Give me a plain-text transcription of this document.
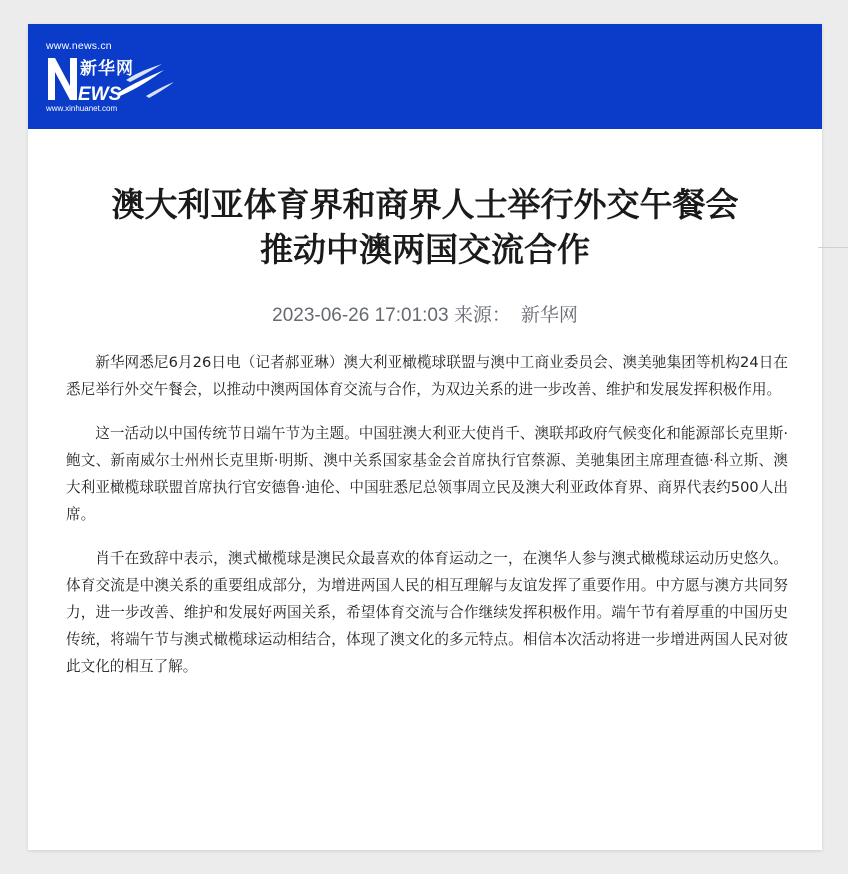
www.news.cn
EWS
新华网
www.xinhuanet.com
澳大利亚体育界和商界人士举行外交午餐会
推动中澳两国交流合作
2023-06-26 17:01:03 来源： 新华网

新华网悉尼6月26日电（记者郝亚琳）澳大利亚橄榄球联盟与澳中工商业委员会、澳美驰集团等机构24日在悉尼举行外交午餐会，以推动中澳两国体育交流与合作，为双边关系的进一步改善、维护和发展发挥积极作用。

这一活动以中国传统节日端午节为主题。中国驻澳大利亚大使肖千、澳联邦政府气候变化和能源部长克里斯·鲍文、新南威尔士州州长克里斯·明斯、澳中关系国家基金会首席执行官蔡源、美驰集团主席理查德·科立斯、澳大利亚橄榄球联盟首席执行官安德鲁·迪伦、中国驻悉尼总领事周立民及澳大利亚政体育界、商界代表约500人出席。

肖千在致辞中表示，澳式橄榄球是澳民众最喜欢的体育运动之一，在澳华人参与澳式橄榄球运动历史悠久。体育交流是中澳关系的重要组成部分，为增进两国人民的相互理解与友谊发挥了重要作用。中方愿与澳方共同努力，进一步改善、维护和发展好两国关系，希望体育交流与合作继续发挥积极作用。端午节有着厚重的中国历史传统，将端午节与澳式橄榄球运动相结合，体现了澳文化的多元特点。相信本次活动将进一步增进两国人民对彼此文化的相互了解。
